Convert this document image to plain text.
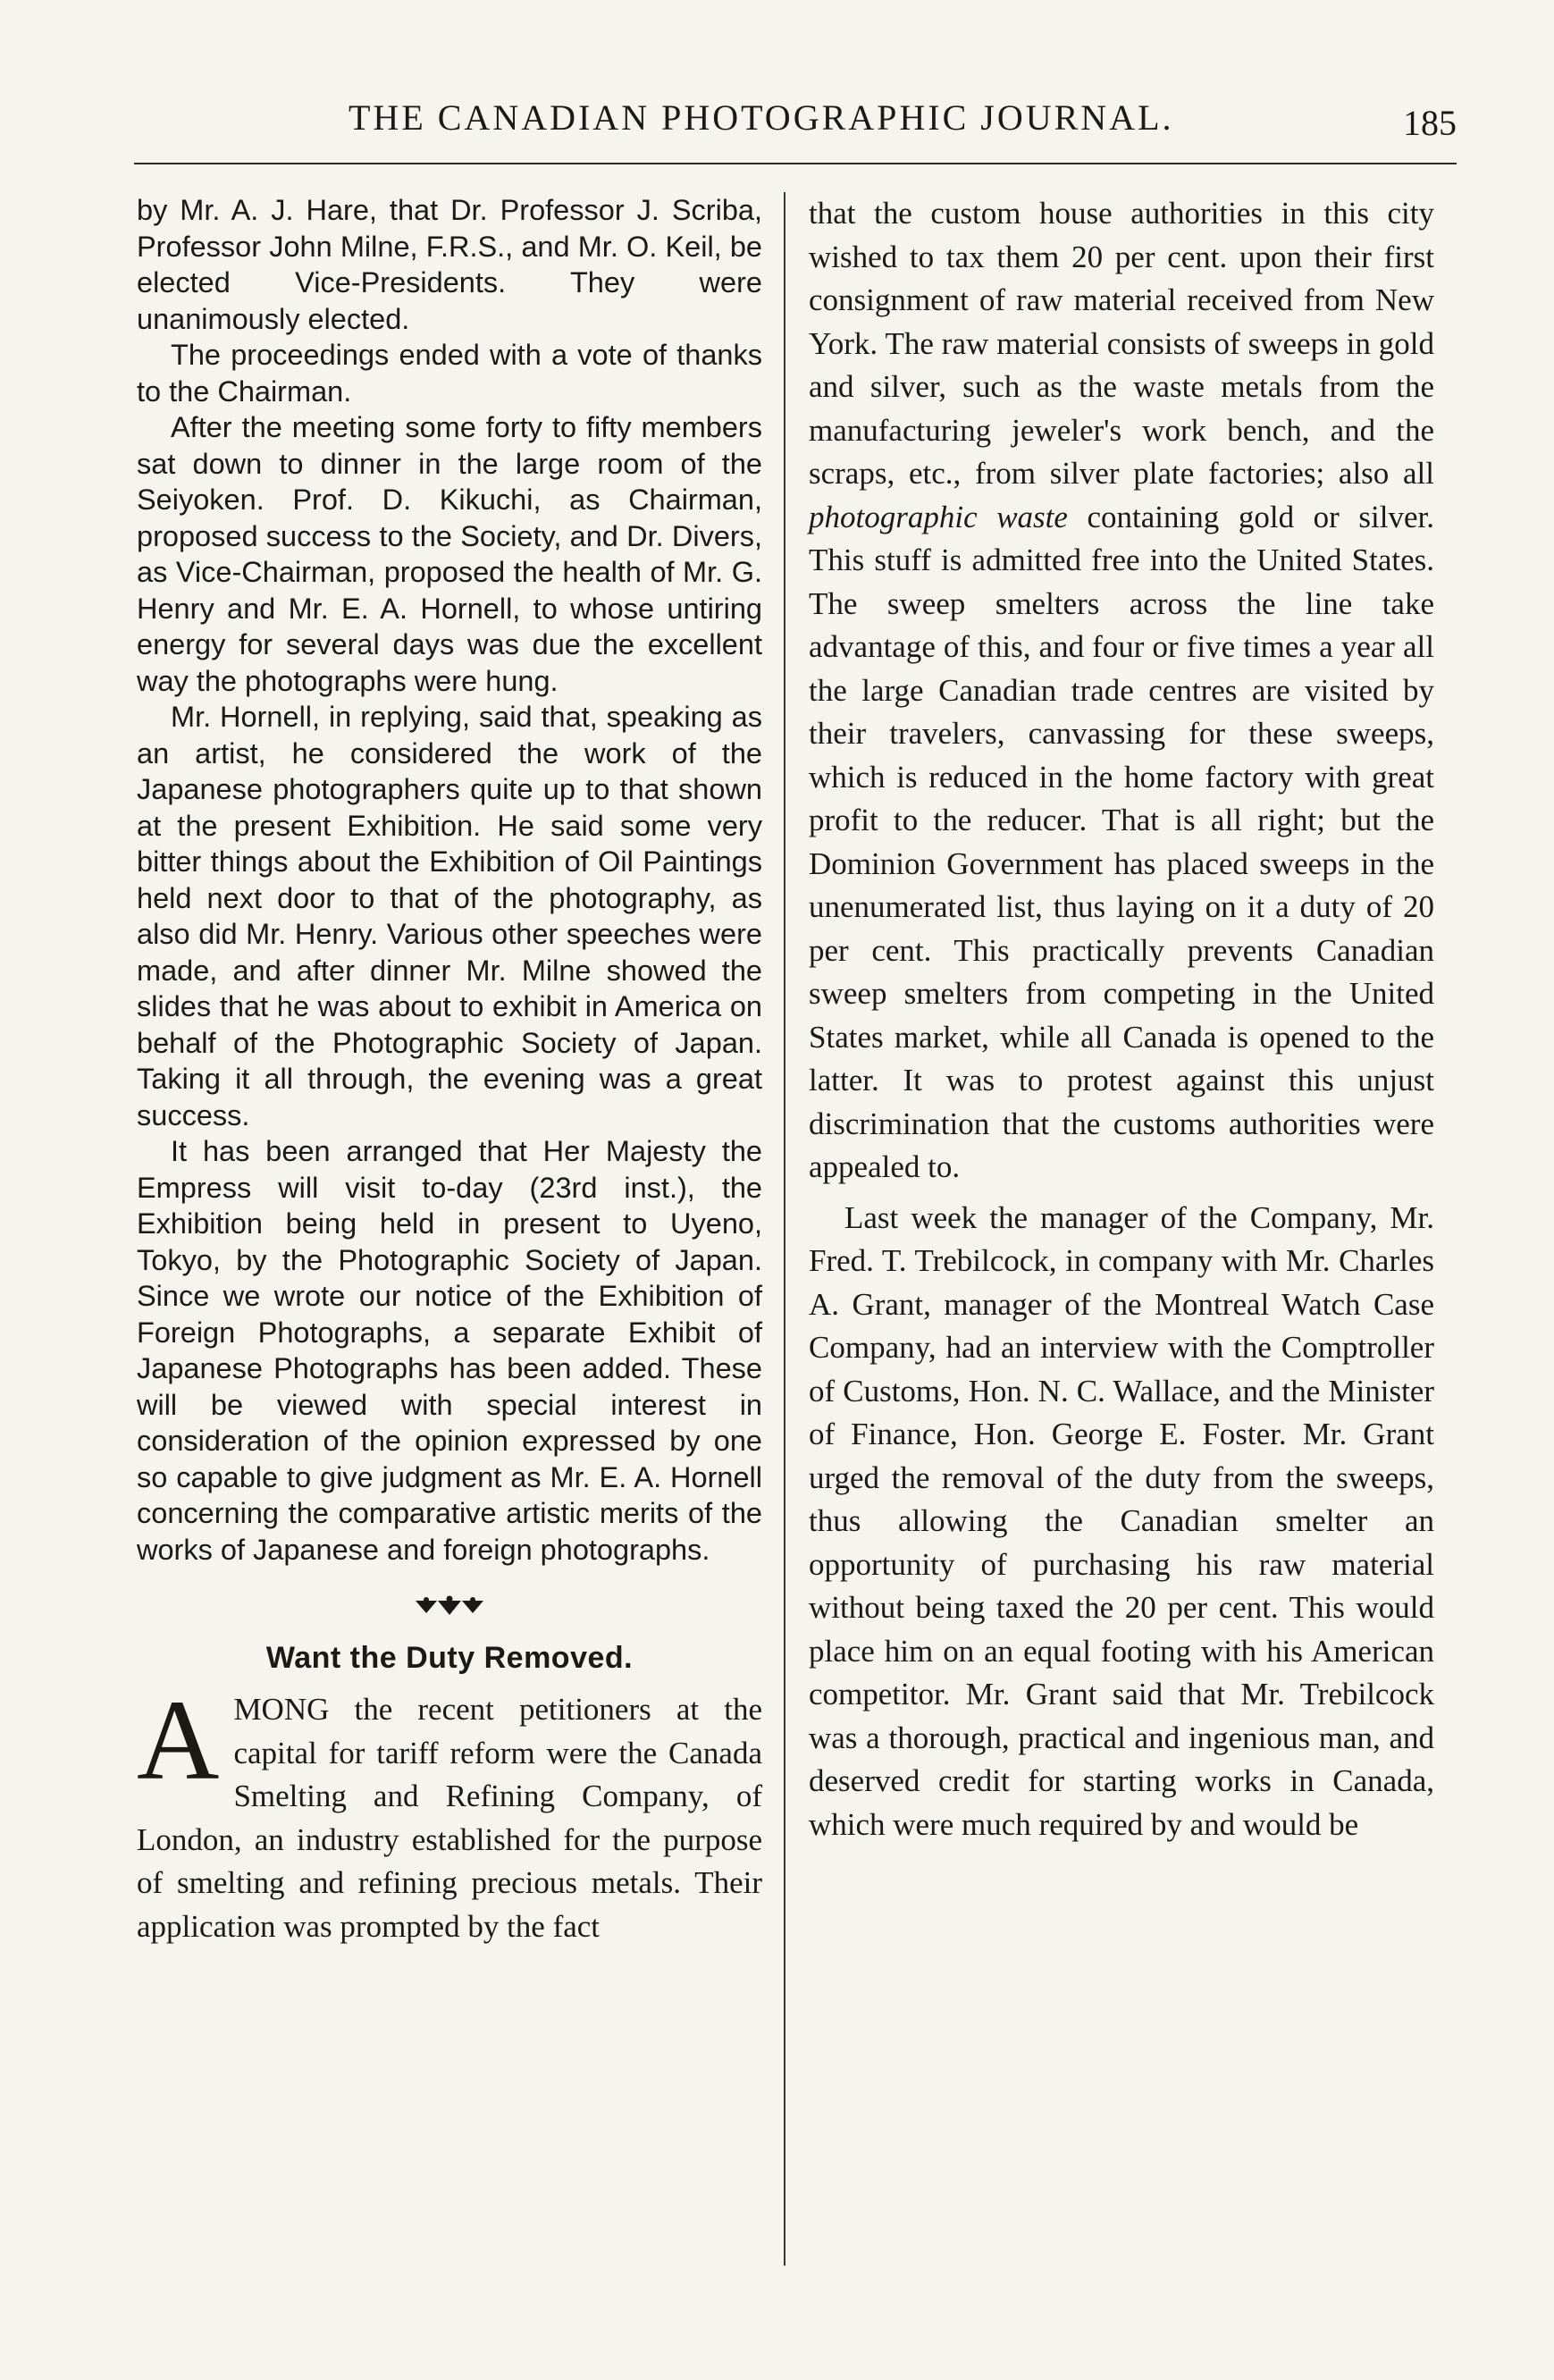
THE CANADIAN PHOTOGRAPHIC JOURNAL.	185

by Mr. A. J. Hare, that Dr. Professor J. Scriba, Professor John Milne, F.R.S., and Mr. O. Keil, be elected Vice-Presidents. They were unanimously elected.

The proceedings ended with a vote of thanks to the Chairman.

After the meeting some forty to fifty members sat down to dinner in the large room of the Seiyoken. Prof. D. Kikuchi, as Chairman, proposed success to the Society, and Dr. Divers, as Vice-Chairman, proposed the health of Mr. G. Henry and Mr. E. A. Hornell, to whose untiring energy for several days was due the excellent way the photographs were hung.

Mr. Hornell, in replying, said that, speaking as an artist, he considered the work of the Japanese photographers quite up to that shown at the present Exhibition. He said some very bitter things about the Exhibition of Oil Paintings held next door to that of the photography, as also did Mr. Henry. Various other speeches were made, and after dinner Mr. Milne showed the slides that he was about to exhibit in America on behalf of the Photographic Society of Japan. Taking it all through, the evening was a great success.

It has been arranged that Her Majesty the Empress will visit to-day (23rd inst.), the Exhibition being held in present to Uyeno, Tokyo, by the Photographic Society of Japan. Since we wrote our notice of the Exhibition of Foreign Photographs, a separate Exhibit of Japanese Photographs has been added. These will be viewed with special interest in consideration of the opinion expressed by one so capable to give judgment as Mr. E. A. Hornell concerning the comparative artistic merits of the works of Japanese and foreign photographs.

Want the Duty Removed.
A MONG the recent petitioners at the capital for tariff reform were the Canada Smelting and Refining Company, of London, an industry established for the purpose of smelting and refining precious metals. Their application was prompted by the fact

that the custom house authorities in this city wished to tax them 20 per cent. upon their first consignment of raw material received from New York. The raw material consists of sweeps in gold and silver, such as the waste metals from the manufacturing jeweler's work bench, and the scraps, etc., from silver plate factories; also all photographic waste containing gold or silver. This stuff is admitted free into the United States. The sweep smelters across the line take advantage of this, and four or five times a year all the large Canadian trade centres are visited by their travelers, canvassing for these sweeps, which is reduced in the home factory with great profit to the reducer. That is all right; but the Dominion Government has placed sweeps in the unenumerated list, thus laying on it a duty of 20 per cent. This practically prevents Canadian sweep smelters from competing in the United States market, while all Canada is opened to the latter. It was to protest against this unjust discrimination that the customs authorities were appealed to.

Last week the manager of the Company, Mr. Fred. T. Trebilcock, in company with Mr. Charles A. Grant, manager of the Montreal Watch Case Company, had an interview with the Comptroller of Customs, Hon. N. C. Wallace, and the Minister of Finance, Hon. George E. Foster. Mr. Grant urged the removal of the duty from the sweeps, thus allowing the Canadian smelter an opportunity of purchasing his raw material without being taxed the 20 per cent. This would place him on an equal footing with his American competitor. Mr. Grant said that Mr. Trebilcock was a thorough, practical and ingenious man, and deserved credit for starting works in Canada, which were much required by and would be
